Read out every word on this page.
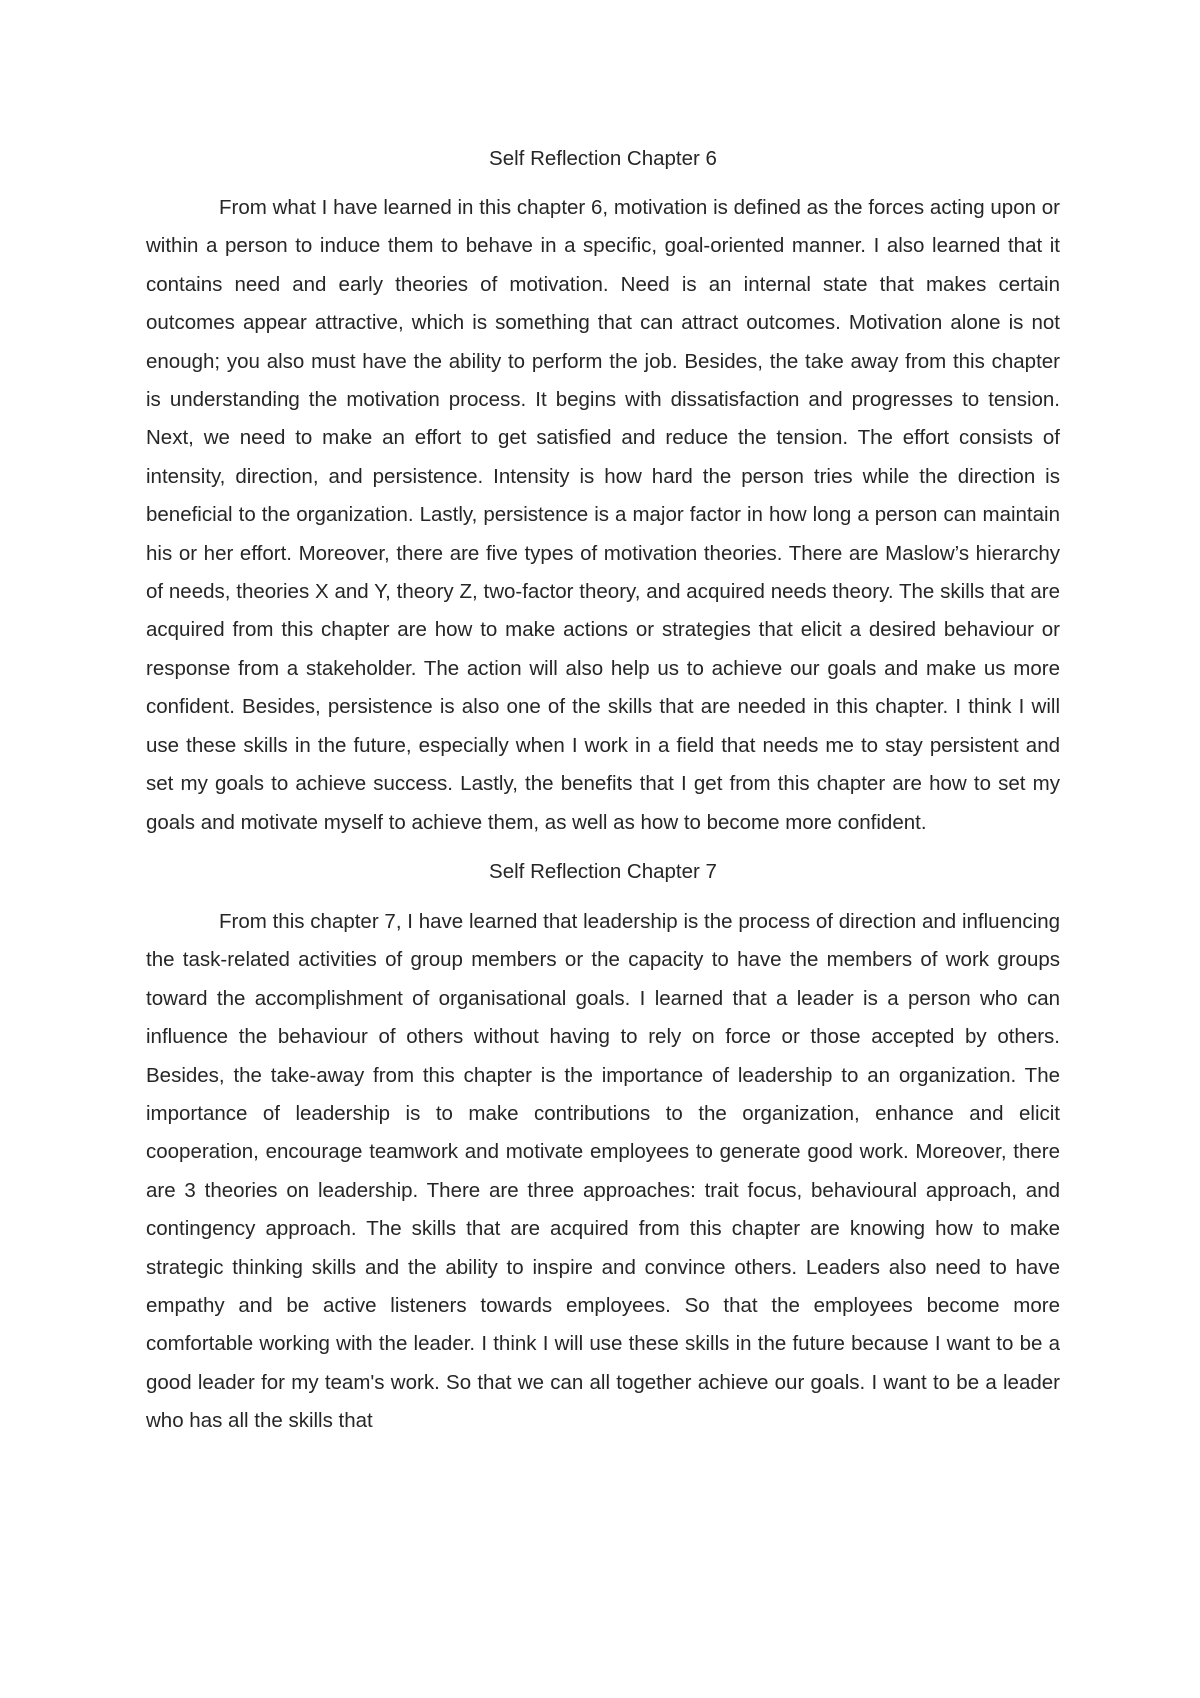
Self Reflection Chapter 6

From what I have learned in this chapter 6, motivation is defined as the forces acting upon or within a person to induce them to behave in a specific, goal-oriented manner. I also learned that it contains need and early theories of motivation. Need is an internal state that makes certain outcomes appear attractive, which is something that can attract outcomes. Motivation alone is not enough; you also must have the ability to perform the job. Besides, the take away from this chapter is understanding the motivation process. It begins with dissatisfaction and progresses to tension. Next, we need to make an effort to get satisfied and reduce the tension. The effort consists of intensity, direction, and persistence. Intensity is how hard the person tries while the direction is beneficial to the organization. Lastly, persistence is a major factor in how long a person can maintain his or her effort. Moreover, there are five types of motivation theories. There are Maslow’s hierarchy of needs, theories X and Y, theory Z, two-factor theory, and acquired needs theory. The skills that are acquired from this chapter are how to make actions or strategies that elicit a desired behaviour or response from a stakeholder. The action will also help us to achieve our goals and make us more confident. Besides, persistence is also one of the skills that are needed in this chapter. I think I will use these skills in the future, especially when I work in a field that needs me to stay persistent and set my goals to achieve success. Lastly, the benefits that I get from this chapter are how to set my goals and motivate myself to achieve them, as well as how to become more confident.

Self Reflection Chapter 7

From this chapter 7, I have learned that leadership is the process of direction and influencing the task-related activities of group members or the capacity to have the members of work groups toward the accomplishment of organisational goals. I learned that a leader is a person who can influence the behaviour of others without having to rely on force or those accepted by others. Besides, the take-away from this chapter is the importance of leadership to an organization. The importance of leadership is to make contributions to the organization, enhance and elicit cooperation, encourage teamwork and motivate employees to generate good work. Moreover, there are 3 theories on leadership. There are three approaches: trait focus, behavioural approach, and contingency approach. The skills that are acquired from this chapter are knowing how to make strategic thinking skills and the ability to inspire and convince others. Leaders also need to have empathy and be active listeners towards employees. So that the employees become more comfortable working with the leader. I think I will use these skills in the future because I want to be a good leader for my team's work. So that we can all together achieve our goals. I want to be a leader who has all the skills that
